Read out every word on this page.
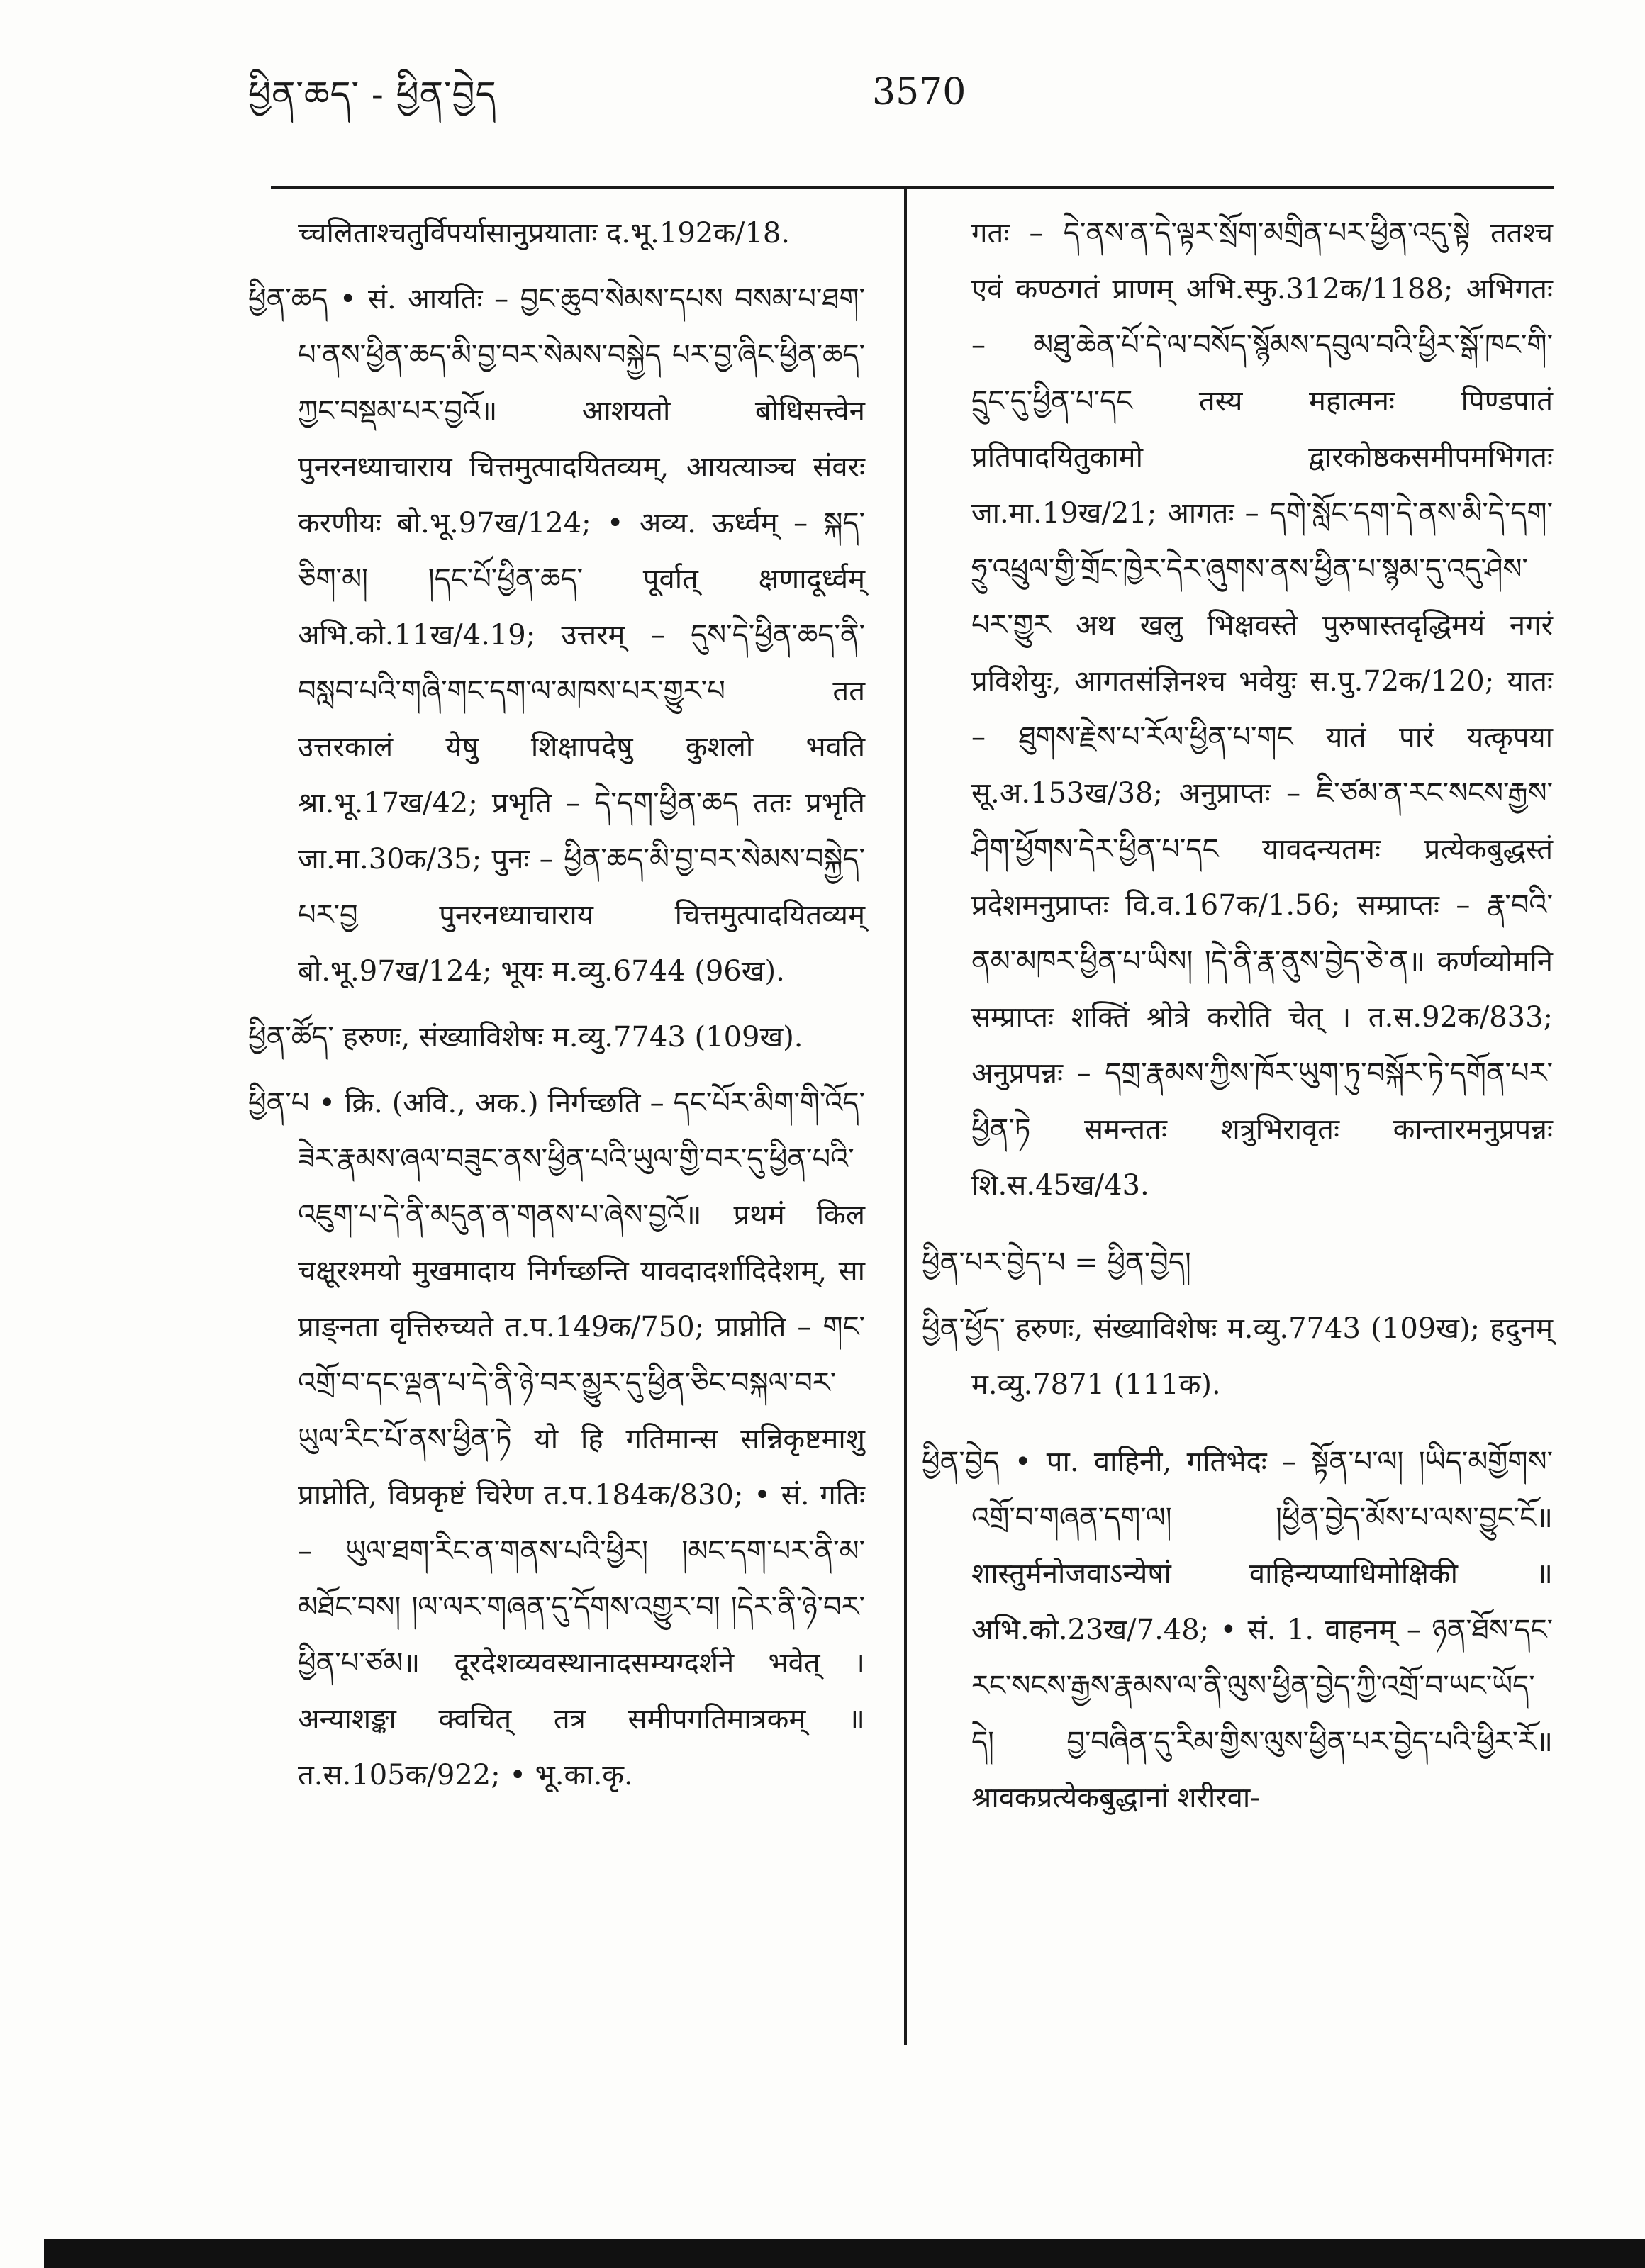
ཕྱིན་ཆད་ - ཕྱིན་བྱེད	3570

च्चलिताश्चतुर्विपर्यासानुप्रयाताः द.भू.192क/18.

ཕྱིན་ཆད • सं. आयतिः – བྱང་ཆུབ་སེམས་དཔས བསམ་པ་ཐག་པ་ནས་ཕྱིན་ཆད་མི་བྱ་བར་སེམས་བསྐྱེད པར་བྱ་ཞིང་ཕྱིན་ཆད་ཀྱང་བསྡམ་པར་བྱའོ॥ आशयतो बोधिसत्त्वेन पुनरनध्याचाराय चित्तमुत्पादयितव्यम्, आयत्याञ्च संवरः करणीयः बो.भू.97ख/124; • अव्य. ऊर्ध्वम् – སྐད་ཅིག་མ། །དང་པོ་ཕྱིན་ཆད་ पूर्वात् क्षणादूर्ध्वम् अभि.को.11ख/4.19; उत्तरम् – དུས་དེ་ཕྱིན་ཆད་ནི་བསླབ་པའི་གཞི་གང་དག་ལ་མཁས་པར་གྱུར་པ तत उत्तरकालं येषु शिक्षापदेषु कुशलो भवति श्रा.भू.17ख/42; प्रभृति – དེ་དག་ཕྱིན་ཆད ततः प्रभृति जा.मा.30क/35; पुनः – ཕྱིན་ཆད་མི་བྱ་བར་སེམས་བསྐྱེད་པར་བྱ पुनरनध्याचाराय चित्तमुत्पादयितव्यम् बो.भू.97ख/124; भूयः म.व्यु.6744 (96ख).

ཕྱིན་ཚོད་ हरुणः, संख्याविशेषः म.व्यु.7743 (109ख).

ཕྱིན་པ • क्रि. (अवि., अक.) निर्गच्छति – དང་པོར་མིག་གི་འོད་ཟེར་རྣམས་ཞལ་བཟུང་ནས་ཕྱིན་པའི་ཡུལ་གྱི་བར་དུ་ཕྱིན་པའི་འཇུག་པ་དེ་ནི་མདུན་ན་གནས་པ་ཞེས་བྱའོ॥ प्रथमं किल चक्षूरश्मयो मुखमादाय निर्गच्छन्ति यावदादर्शादिदेशम्, सा प्राङ्नता वृत्तिरुच्यते त.प.149क/750; प्राप्नोति – གང་འགྲོ་བ་དང་ལྡན་པ་དེ་ནི་ཉེ་བར་མྱུར་དུ་ཕྱིན་ཅིང་བསྐལ་བར་ཡུལ་རིང་པོ་ནས་ཕྱིན་ཏེ यो हि गतिमान्स सन्निकृष्टमाशु प्राप्नोति, विप्रकृष्टं चिरेण त.प.184क/830; • सं. गतिः – ཡུལ་ཐག་རིང་ན་གནས་པའི་ཕྱིར། །མང་དག་པར་ནི་མ་མཐོང་བས། །ལ་ལར་གཞན་དུ་དོགས་འགྱུར་བ། །དེར་ནི་ཉེ་བར་ཕྱིན་པ་ཙམ॥ दूरदेशव्यवस्थानादसम्यग्दर्शने भवेत् । अन्याशङ्का क्वचित् तत्र समीपगतिमात्रकम् ॥ त.स.105क/922; • भू.का.कृ.

गतः – དེ་ནས་ན་དེ་ལྟར་སྲོག་མགྲིན་པར་ཕྱིན་འདུ་སྟེ ततश्च एवं कण्ठगतं प्राणम् अभि.स्फु.312क/1188; अभिगतः – མཐུ་ཆེན་པོ་དེ་ལ་བསོད་སྙོམས་དབུལ་བའི་ཕྱིར་སྒོ་ཁང་གི་དྲུང་དུ་ཕྱིན་པ་དང तस्य महात्मनः पिण्डपातं प्रतिपादयितुकामो द्वारकोष्ठकसमीपमभिगतः जा.मा.19ख/21; आगतः – དགེ་སློང་དག་དེ་ནས་མི་དེ་དག་ཧྲུ་འཕྲུལ་གྱི་གྲོང་ཁྱེར་དེར་ཞུགས་ནས་ཕྱིན་པ་སྙམ་དུ་འདུ་ཤེས་པར་གྱུར अथ खलु भिक्षवस्ते पुरुषास्तदृद्धिमयं नगरं प्रविशेयुः, आगतसंज्ञिनश्च भवेयुः स.पु.72क/120; यातः – ཐུགས་རྗེས་པ་རོལ་ཕྱིན་པ་གང यातं पारं यत्कृपया सू.अ.153ख/38; अनुप्राप्तः – ཇི་ཙམ་ན་རང་སངས་རྒྱས་ཤིག་ཕྱོགས་དེར་ཕྱིན་པ་དང यावदन्यतमः प्रत्येकबुद्धस्तं प्रदेशमनुप्राप्तः वि.व.167क/1.56; सम्प्राप्तः – རྣ་བའི་ནམ་མཁར་ཕྱིན་པ་ཡིས། །དེ་ནི་རྣ་ནུས་བྱེད་ཅེ་ན॥ कर्णव्योमनि सम्प्राप्तः शक्तिं श्रोत्रे करोति चेत् । त.स.92क/833; अनुप्रपन्नः – དགྲ་རྣམས་ཀྱིས་ཁོར་ཡུག་ཏུ་བསྐོར་ཏེ་དགོན་པར་ཕྱིན་ཏེ समन्ततः शत्रुभिरावृतः कान्तारमनुप्रपन्नः शि.स.45ख/43.

ཕྱིན་པར་བྱེད་པ = ཕྱིན་བྱེད།

ཕྱིན་ཕྱོད་ हरुणः, संख्याविशेषः म.व्यु.7743 (109ख); हदुनम् म.व्यु.7871 (111क).

ཕྱིན་བྱེད • पा. वाहिनी, गतिभेदः – སྟོན་པ་ལ། །ཡིད་མགྱོགས་འགྲོ་བ་གཞན་དག་ལ། །ཕྱིན་བྱེད་མོས་པ་ལས་བྱུང་ངོ॥ शास्तुर्मनोजवाऽन्येषां वाहिन्यप्याधिमोक्षिकी ॥ अभि.को.23ख/7.48; • सं. 1. वाहनम् – ཉན་ཐོས་དང་རང་སངས་རྒྱས་རྣམས་ལ་ནི་ལུས་ཕྱིན་བྱེད་ཀྱི་འགྲོ་བ་ཡང་ཡོད་དེ། བྱ་བཞིན་དུ་རིམ་གྱིས་ལུས་ཕྱིན་པར་བྱེད་པའི་ཕྱིར་རོ॥ श्रावकप्रत्येकबुद्धानां शरीरवा-
